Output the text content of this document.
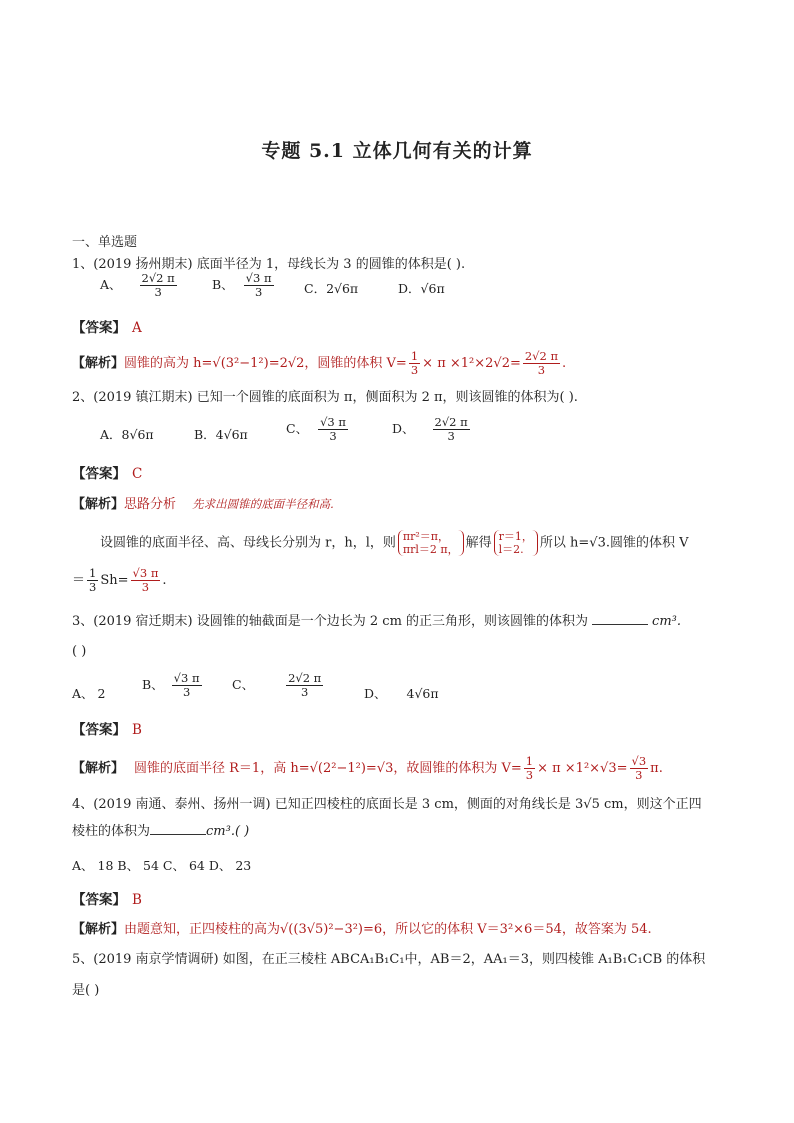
专题 5.1 立体几何有关的计算
一、单选题
1、(2019 扬州期末) 底面半径为 1，母线长为 3 的圆锥的体积是( ).
A、 $\frac{2√2 \pi}{3}$	B、 $\frac{√3 \pi}{3}$ C．2√6π	D．√6π
【答案】 A
【解析】圆锥的高为 h=√(3²−1²)=2√2，圆锥的体积 $V= \frac{1}{3} \times \pi \times 1^2\times 2√2= \frac{2√2 \pi}{3}$ .
2、(2019 镇江期末) 已知一个圆锥的底面积为 π，侧面积为 2 π，则该圆锥的体积为( ).
A．8√6π	B．4√6π	C、 $\frac{√3 \pi}{3}$	D、 $\frac{2√2 \pi}{3}$
【答案】 C
【解析】思路分析 先求出圆锥的底面半径和高.
设圆锥的底面半径、高、母线长分别为 r，h，l，则 πr²＝π，
πrl＝2 π， 解得 r＝1，
l＝2.	所以 h=√3.圆锥的体积 V
＝ $\frac{1}{3} Sh= \frac{√3 \pi}{3}$ .
3、(2019 宿迁期末) 设圆锥的轴截面是一个边长为 2 cm 的正三角形，则该圆锥的体积为	cm³.
( )
A、 2
B、 $\frac{√3 \pi}{3}$ C、	$\frac{2√2 \pi}{3}$	D、 4√6π
【答案】 B
【解析】 圆锥的底面半径 R＝1，高 h=√(2²−1²)=√3，故圆锥的体积为 $V= \frac{1}{3} \times \pi \times 1^2\times√3= \frac{√3}{3} \pi$.
4、(2019 南通、泰州、扬州一调) 已知正四棱柱的底面长是 3 cm，侧面的对角线长是 3√5 cm，则这个正四
棱柱的体积为	cm³.( )
A、 18 B、 54 C、 64 D、 23
【答案】 B
【解析】由题意知，正四棱柱的高为√((3√5)²−3²)=6，所以它的体积 V＝3²×6＝54，故答案为 54.
5、(2019 南京学情调研) 如图，在正三棱柱 ABCA₁B₁C₁中，AB＝2，AA₁＝3，则四棱锥 A₁B₁C₁CB 的体积
是( )
